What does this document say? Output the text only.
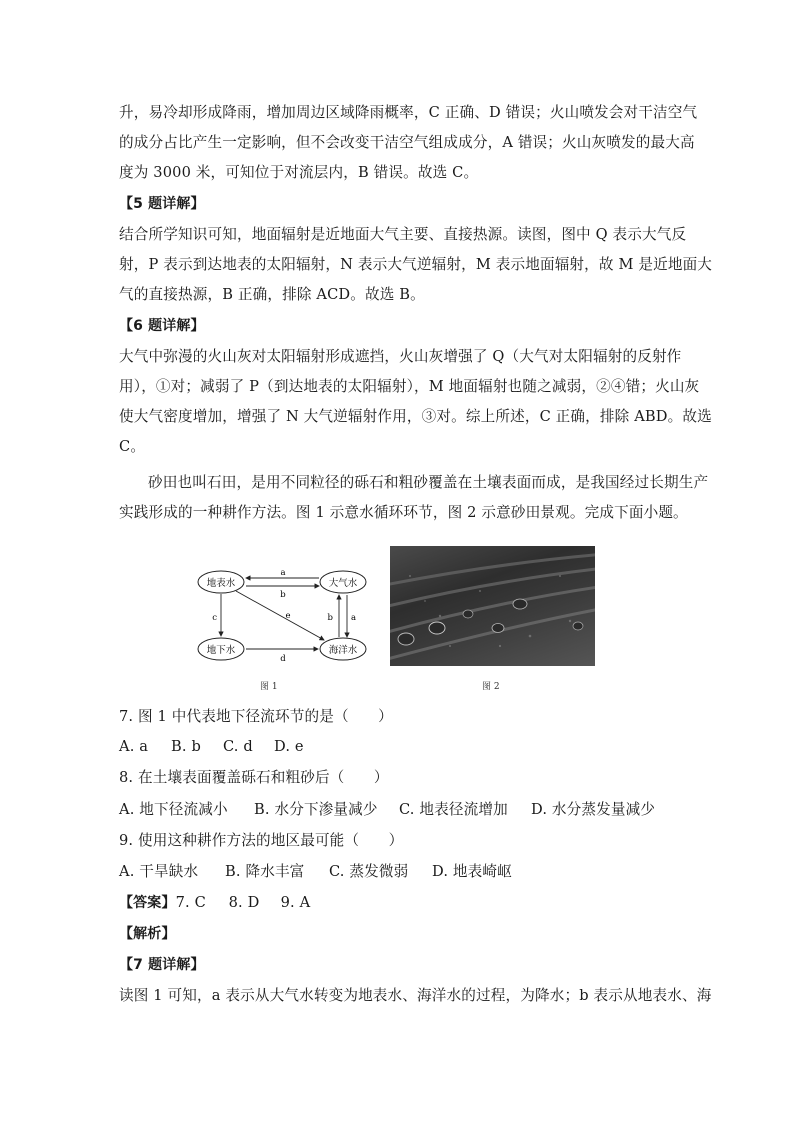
升，易冷却形成降雨，增加周边区域降雨概率，C 正确、D 错误；火山喷发会对干洁空气
的成分占比产生一定影响，但不会改变干洁空气组成成分，A 错误；火山灰喷发的最大高
度为 3000 米，可知位于对流层内，B 错误。故选 C。
【5 题详解】
结合所学知识可知，地面辐射是近地面大气主要、直接热源。读图，图中 Q 表示大气反
射，P 表示到达地表的太阳辐射，N 表示大气逆辐射，M 表示地面辐射，故 M 是近地面大
气的直接热源，B 正确，排除 ACD。故选 B。
【6 题详解】
大气中弥漫的火山灰对太阳辐射形成遮挡，火山灰增强了 Q（大气对太阳辐射的反射作
用），①对；减弱了 P（到达地表的太阳辐射），M 地面辐射也随之减弱，②④错；火山灰
使大气密度增加，增强了 N 大气逆辐射作用，③对。综上所述，C 正确，排除 ABD。故选
C。
砂田也叫石田，是用不同粒径的砾石和粗砂覆盖在土壤表面而成，是我国经过长期生产
实践形成的一种耕作方法。图 1 示意水循环环节，图 2 示意砂田景观。完成下面小题。
地表水	大气水
地下水	海洋水
a
b
c
d
e	b a
图 1	图 2
7. 图 1 中代表地下径流环节的是（　　）
A. a B. b C. d D. e
8. 在土壤表面覆盖砾石和粗砂后（　　）
A. 地下径流减小 B. 水分下渗量减少 C. 地表径流增加 D. 水分蒸发量减少
9. 使用这种耕作方法的地区最可能（　　）
A. 干旱缺水 B. 降水丰富 C. 蒸发微弱 D. 地表崎岖
【答案】7. C 8. D 9. A
【解析】
【7 题详解】
读图 1 可知，a 表示从大气水转变为地表水、海洋水的过程，为降水；b 表示从地表水、海
